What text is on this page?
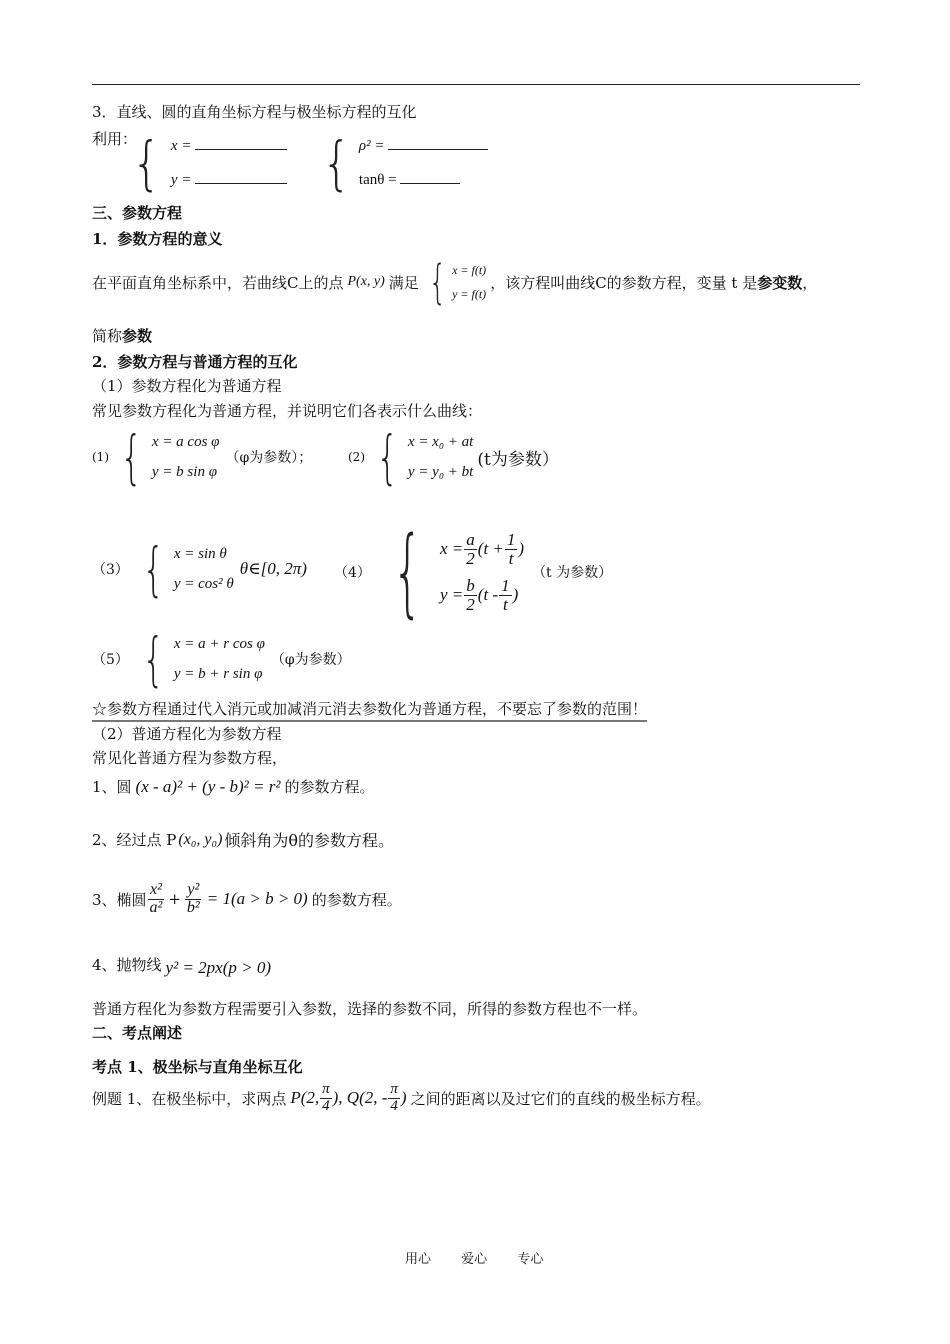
3．直线、圆的直角坐标方程与极坐标方程的互化
利用：
{ x =
y =	{ ρ² =
tanθ =
三、参数方程
1．参数方程的意义
在平面直角坐标系中，若曲线C上的点 P(x, y) 满足 { x = f(t)
y = f(t)
，该方程叫曲线C的参数方程，变量 t 是 参变数 ，
简称参数
2．参数方程与普通方程的互化
（1）参数方程化为普通方程
常见参数方程化为普通方程，并说明它们各表示什么曲线：
(1) { x = a cos φ
y = b sin φ
（φ为参数）；	(2) { x = x₀ + at
y = y₀ + bt
(t为参数）
（3） { x = sin θ
y = cos² θ
θ∈[0, 2π) （4） { $x = \frac{a}{2} (t + \frac{1}{t}$ )
$y = \frac{b}{2} (t - \frac{1}{t}$ )
（t 为参数）
（5） { x = a + r cos φ
y = b + r sin φ
（φ为参数）
☆参数方程通过代入消元或加减消元消去参数化为普通方程，不要忘了参数的范围！
（2）普通方程化为参数方程
常见化普通方程为参数方程，
1、圆 (x - a)² + (y - b)² = r² 的参数方程。
2、经过点 P (x₀, y₀) 倾斜角为θ的参数方程。
3、椭圆 $\frac{\text{x²}}{\text{a²}} + \frac{\text{y²}}{\text{b²}} = 1(a > b > 0)$ 的参数方程。
4、抛物线 y² = 2px(p > 0)
普通方程化为参数方程需要引入参数，选择的参数不同，所得的参数方程也不一样。
二、考点阐述
考点 1、极坐标与直角坐标互化
例题 1、在极坐标中，求两点 P(2, $\frac{\pi}{4}$ ), Q(2, - $\frac{\pi}{4}$ ) 之间的距离以及过它们的直线的极坐标方程。
用心 爱心 专心
